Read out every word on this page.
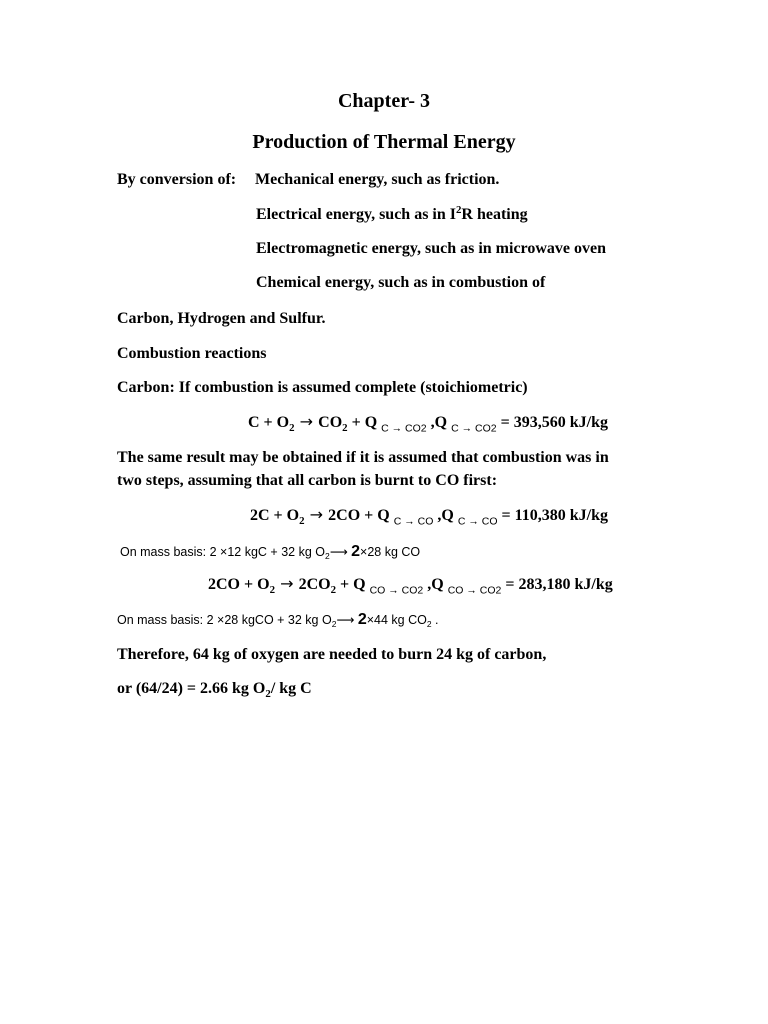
Chapter- 3
Production of Thermal Energy
By conversion of: Mechanical energy, such as friction.
Electrical energy, such as in $I^2R$ heating
Electromagnetic energy, such as in microwave oven
Chemical energy, such as in combustion of
Carbon, Hydrogen and Sulfur.
Combustion reactions
Carbon: If combustion is assumed complete (stoichiometric)
$C + O_2 \to CO_2 + Q$ $_{C \to CO2}$ ,Q $_{C \to CO2}$ = 393,560 kJ/kg
The same result may be obtained if it is assumed that combustion was in
two steps, assuming that all carbon is burnt to CO first:
$2C + O_2 \to 2CO + Q$ $_{C \to CO}$ ,Q $_{C \to CO}$ = 110,380 kJ/kg
On mass basis: 2 ×12 kgC + 32 kg $O_2⟶$ 2×28 kg CO
$2CO + O_2 \to 2CO_2 + Q$ $_{CO \to CO2}$ ,Q $_{CO \to CO2}$ = 283,180 kJ/kg
On mass basis: 2 ×28 kgCO + 32 kg $O_2⟶$ 2×44 kg $CO_2$ .
Therefore, 64 kg of oxygen are needed to burn 24 kg of carbon,
or (64/24) = 2.66 kg $O_2/$ kg C
